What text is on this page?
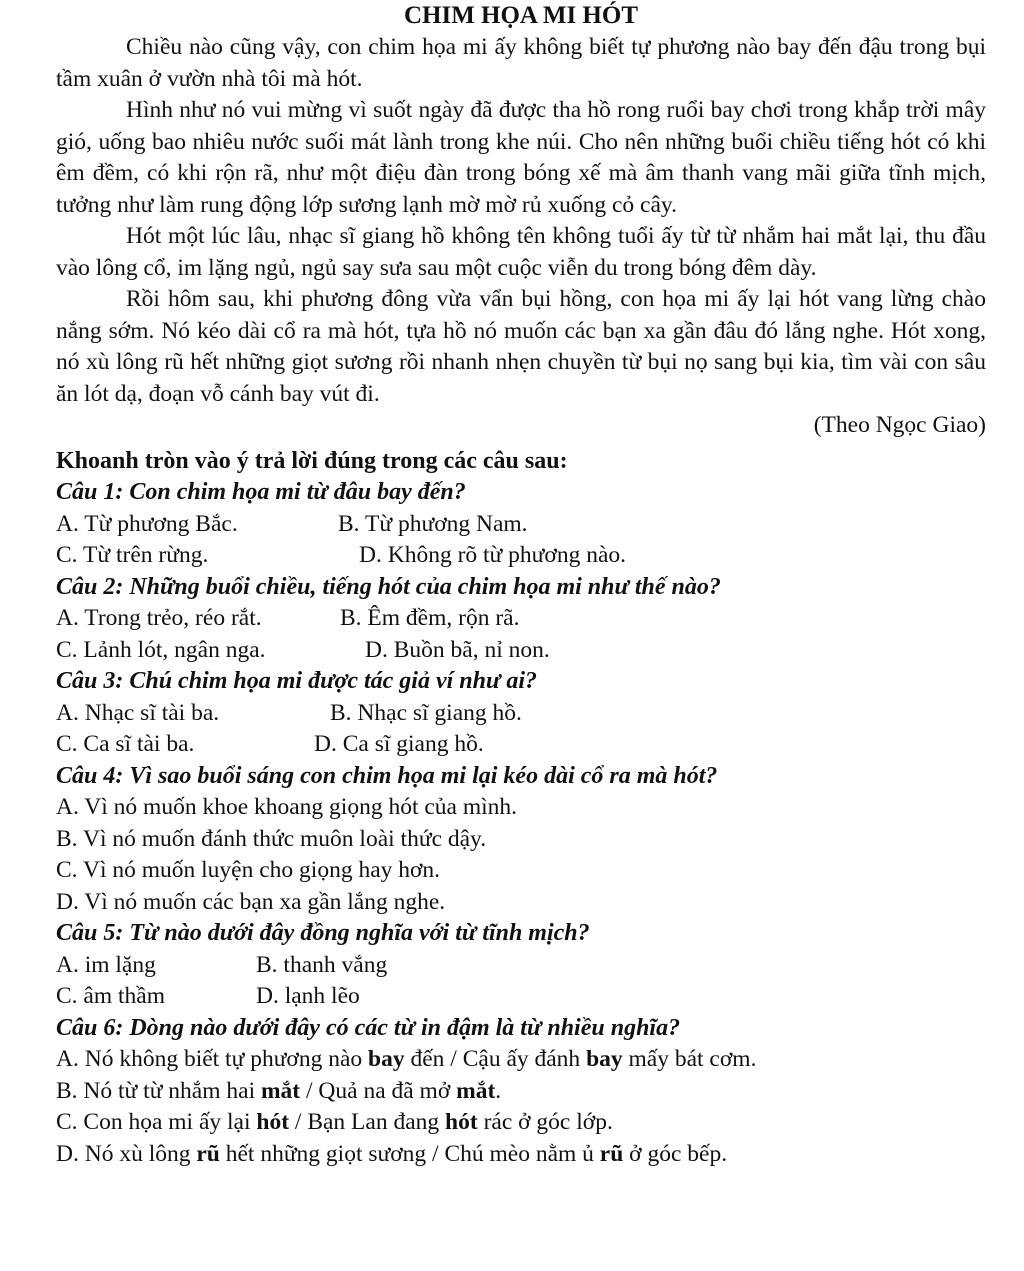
CHIM HỌA MI HÓT

Chiều nào cũng vậy, con chim họa mi ấy không biết tự phương nào bay đến đậu trong bụi tầm xuân ở vườn nhà tôi mà hót.

Hình như nó vui mừng vì suốt ngày đã được tha hồ rong ruổi bay chơi trong khắp trời mây gió, uống bao nhiêu nước suối mát lành trong khe núi. Cho nên những buổi chiều tiếng hót có khi êm đềm, có khi rộn rã, như một điệu đàn trong bóng xế mà âm thanh vang mãi giữa tĩnh mịch, tưởng như làm rung động lớp sương lạnh mờ mờ rủ xuống cỏ cây.

Hót một lúc lâu, nhạc sĩ giang hồ không tên không tuổi ấy từ từ nhắm hai mắt lại, thu đầu vào lông cổ, im lặng ngủ, ngủ say sưa sau một cuộc viễn du trong bóng đêm dày.

Rồi hôm sau, khi phương đông vừa vẩn bụi hồng, con họa mi ấy lại hót vang lừng chào nắng sớm. Nó kéo dài cổ ra mà hót, tựa hồ nó muốn các bạn xa gần đâu đó lắng nghe. Hót xong, nó xù lông rũ hết những giọt sương rồi nhanh nhẹn chuyền từ bụi nọ sang bụi kia, tìm vài con sâu ăn lót dạ, đoạn vỗ cánh bay vút đi.

(Theo Ngọc Giao)

Khoanh tròn vào ý trả lời đúng trong các câu sau:

Câu 1: Con chim họa mi từ đâu bay đến?

A. Từ phương Bắc.	B. Từ phương Nam.

C. Từ trên rừng.	D. Không rõ từ phương nào.

Câu 2: Những buổi chiều, tiếng hót của chim họa mi như thế nào?

A. Trong trẻo, réo rắt.	B. Êm đềm, rộn rã.

C. Lảnh lót, ngân nga.	D. Buồn bã, nỉ non.

Câu 3: Chú chim họa mi được tác giả ví như ai?

A. Nhạc sĩ tài ba.	B. Nhạc sĩ giang hồ.

C. Ca sĩ tài ba.	D. Ca sĩ giang hồ.

Câu 4: Vì sao buổi sáng con chim họa mi lại kéo dài cổ ra mà hót?

A. Vì nó muốn khoe khoang giọng hót của mình.

B. Vì nó muốn đánh thức muôn loài thức dậy.

C. Vì nó muốn luyện cho giọng hay hơn.

D. Vì nó muốn các bạn xa gần lắng nghe.

Câu 5: Từ nào dưới đây đồng nghĩa với từ tĩnh mịch?

A. im lặng	B. thanh vắng

C. âm thầm	D. lạnh lẽo

Câu 6: Dòng nào dưới đây có các từ in đậm là từ nhiều nghĩa?

A. Nó không biết tự phương nào bay đến / Cậu ấy đánh bay mấy bát cơm.

B. Nó từ từ nhắm hai mắt / Quả na đã mở mắt.

C. Con họa mi ấy lại hót / Bạn Lan đang hót rác ở góc lớp.

D. Nó xù lông rũ hết những giọt sương / Chú mèo nằm ủ rũ ở góc bếp.
